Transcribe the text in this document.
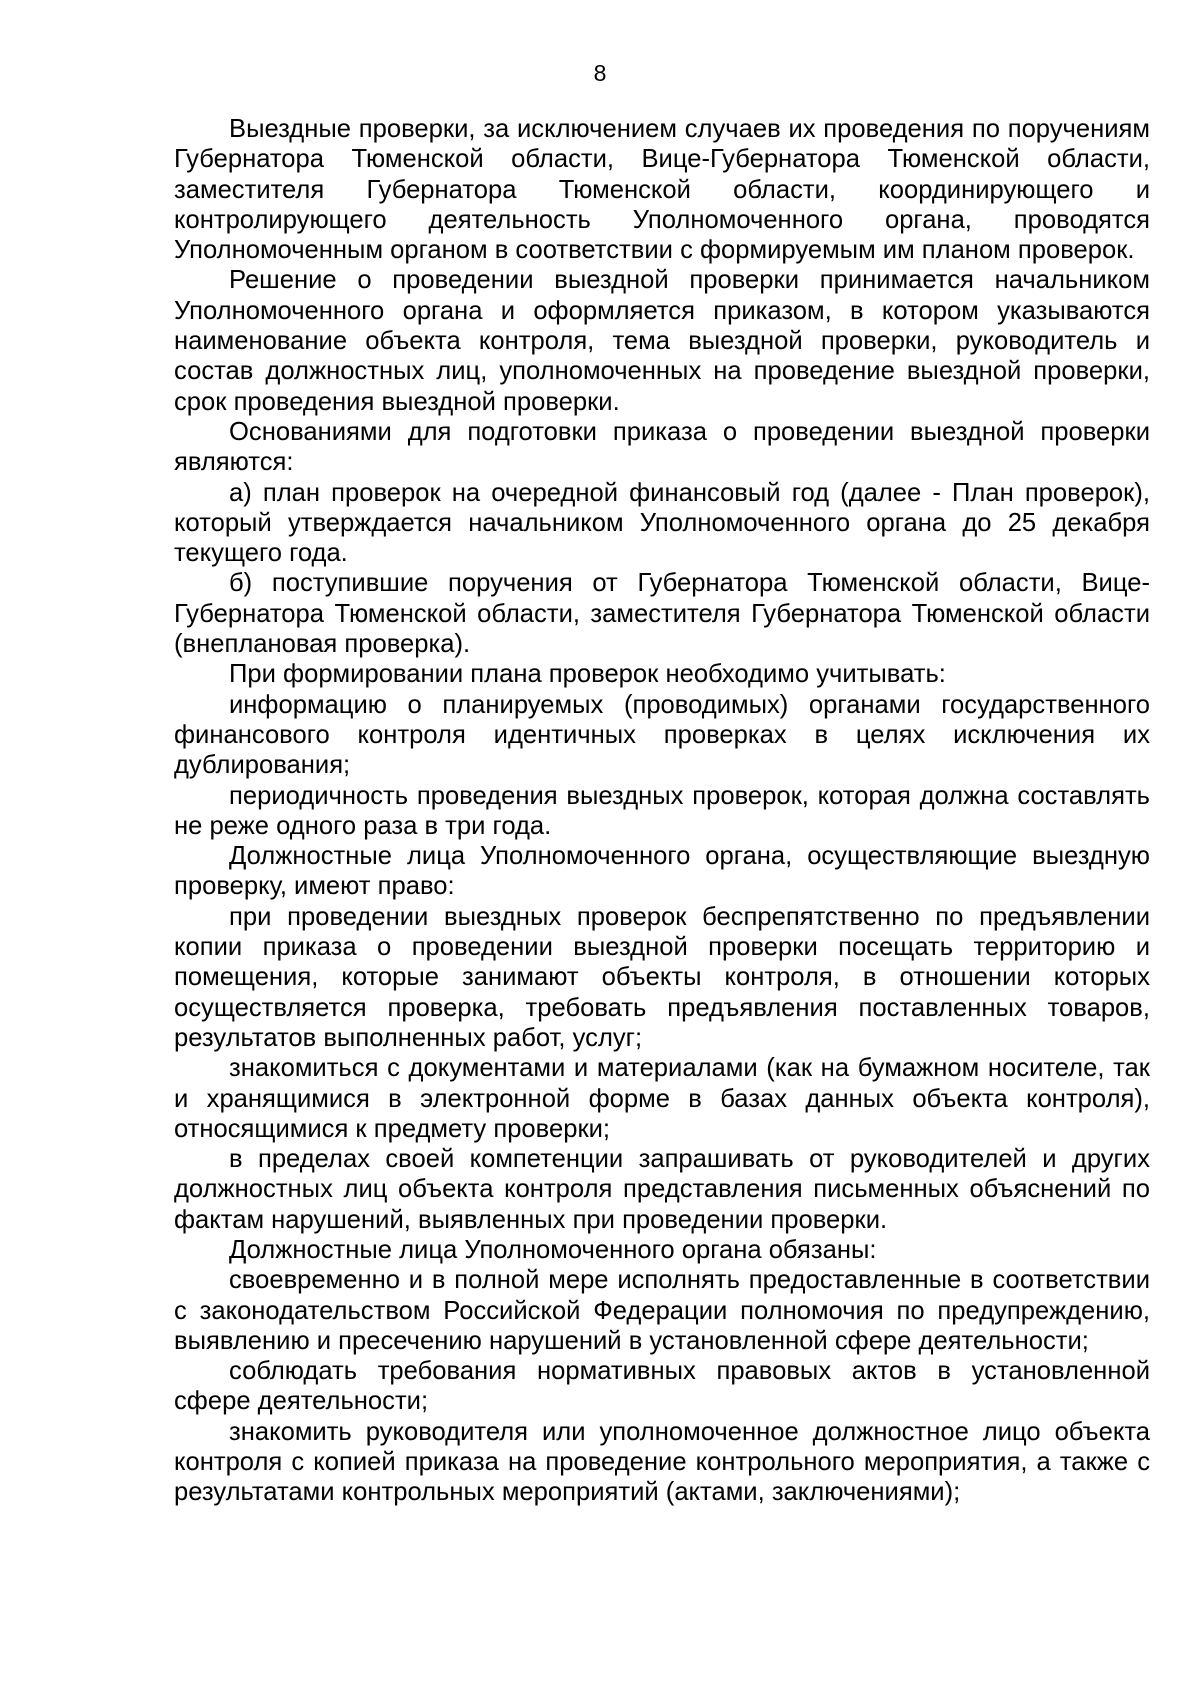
8

Выездные проверки, за исключением случаев их проведения по поручениям Губернатора Тюменской области, Вице-Губернатора Тюменской области, заместителя Губернатора Тюменской области, координирующего и контролирующего деятельность Уполномоченного органа, проводятся Уполномоченным органом в соответствии с формируемым им планом проверок.

Решение о проведении выездной проверки принимается начальником Уполномоченного органа и оформляется приказом, в котором указываются наименование объекта контроля, тема выездной проверки, руководитель и состав должностных лиц, уполномоченных на проведение выездной проверки, срок проведения выездной проверки.

Основаниями для подготовки приказа о проведении выездной проверки являются:

а) план проверок на очередной финансовый год (далее - План проверок), который утверждается начальником Уполномоченного органа до 25 декабря текущего года.

б) поступившие поручения от Губернатора Тюменской области, Вице-Губернатора Тюменской области, заместителя Губернатора Тюменской области (внеплановая проверка).

При формировании плана проверок необходимо учитывать:

информацию о планируемых (проводимых) органами государственного финансового контроля идентичных проверках в целях исключения их дублирования;

периодичность проведения выездных проверок, которая должна составлять не реже одного раза в три года.

Должностные лица Уполномоченного органа, осуществляющие выездную проверку, имеют право:

при проведении выездных проверок беспрепятственно по предъявлении копии приказа о проведении выездной проверки посещать территорию и помещения, которые занимают объекты контроля, в отношении которых осуществляется проверка, требовать предъявления поставленных товаров, результатов выполненных работ, услуг;

знакомиться с документами и материалами (как на бумажном носителе, так и хранящимися в электронной форме в базах данных объекта контроля), относящимися к предмету проверки;

в пределах своей компетенции запрашивать от руководителей и других должностных лиц объекта контроля представления письменных объяснений по фактам нарушений, выявленных при проведении проверки.

Должностные лица Уполномоченного органа обязаны:

своевременно и в полной мере исполнять предоставленные в соответствии с законодательством Российской Федерации полномочия по предупреждению, выявлению и пресечению нарушений в установленной сфере деятельности;

соблюдать требования нормативных правовых актов в установленной сфере деятельности;

знакомить руководителя или уполномоченное должностное лицо объекта контроля с копией приказа на проведение контрольного мероприятия, а также с результатами контрольных мероприятий (актами, заключениями);
